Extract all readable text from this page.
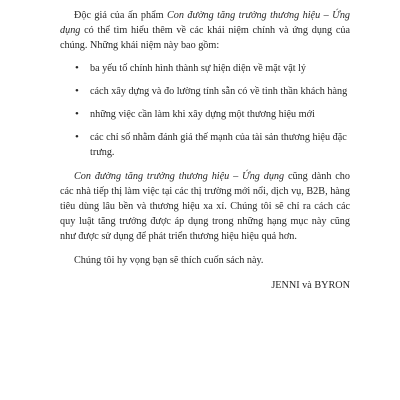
Độc giả của ấn phẩm Con đường tăng trưởng thương hiệu – Ứng dụng có thể tìm hiểu thêm về các khái niệm chính và ứng dụng của chúng. Những khái niệm này bao gồm:

• ba yếu tố chính hình thành sự hiện diện về mặt vật lý
• cách xây dựng và đo lường tính sẵn có về tinh thần khách hàng
• những việc cần làm khi xây dựng một thương hiệu mới
• các chỉ số nhằm đánh giá thế mạnh của tài sản thương hiệu đặc trưng.

Con đường tăng trưởng thương hiệu – Ứng dụng cũng dành cho các nhà tiếp thị làm việc tại các thị trường mới nổi, dịch vụ, B2B, hàng tiêu dùng lâu bền và thương hiệu xa xỉ. Chúng tôi sẽ chỉ ra cách các quy luật tăng trưởng được áp dụng trong những hạng mục này cũng như được sử dụng để phát triển thương hiệu hiệu quả hơn.

Chúng tôi hy vọng bạn sẽ thích cuốn sách này.

JENNI và BYRON
